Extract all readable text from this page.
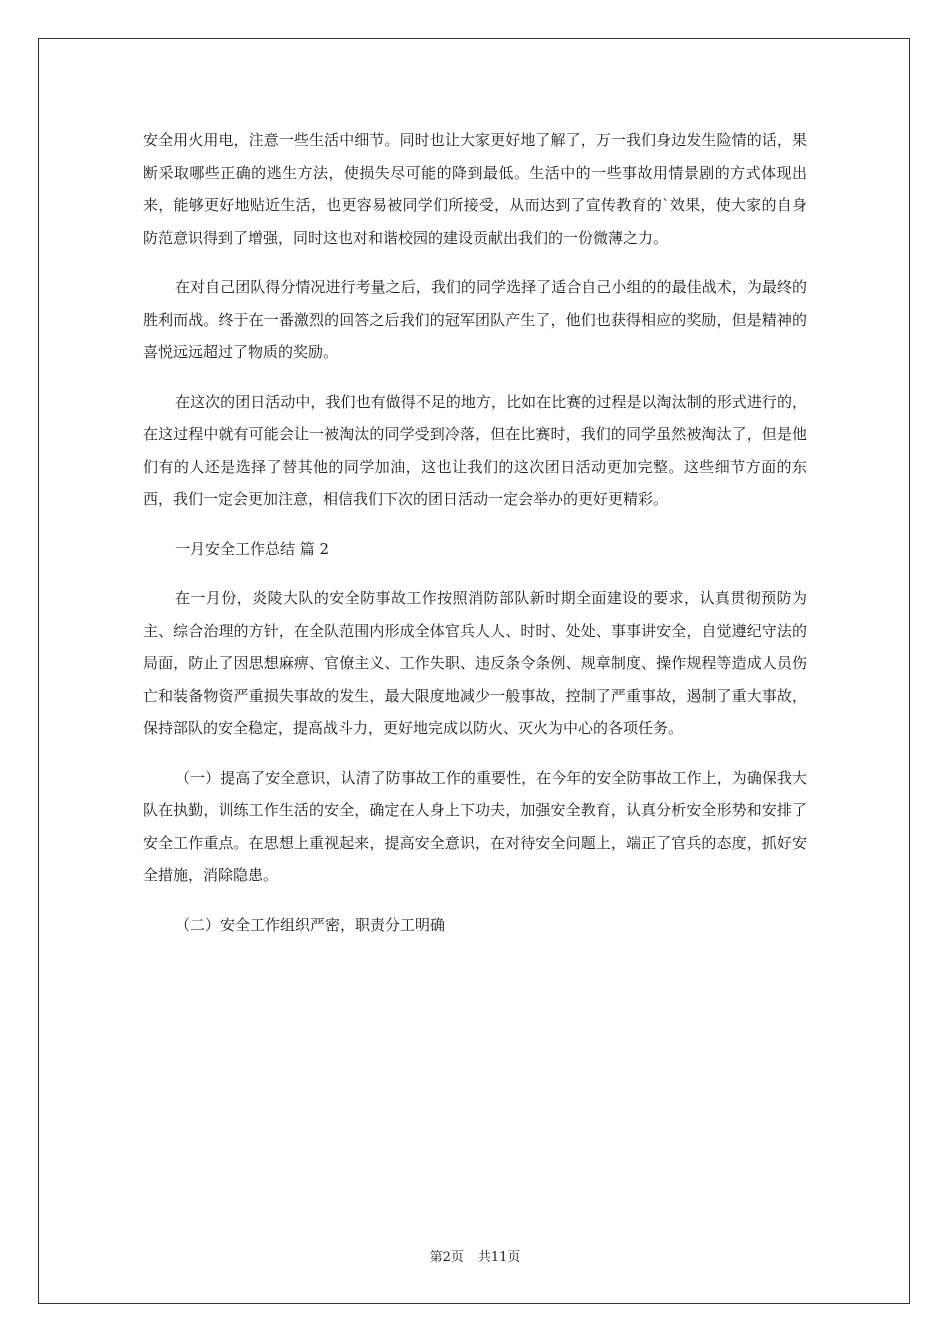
安全用火用电，注意一些生活中细节。同时也让大家更好地了解了，万一我们身边发生险情的话，果断采取哪些正确的逃生方法，使损失尽可能的降到最低。生活中的一些事故用情景剧的方式体现出来，能够更好地贴近生活，也更容易被同学们所接受，从而达到了宣传教育的`效果，使大家的自身防范意识得到了增强，同时这也对和谐校园的建设贡献出我们的一份微薄之力。

在对自己团队得分情况进行考量之后，我们的同学选择了适合自己小组的的最佳战术，为最终的胜利而战。终于在一番激烈的回答之后我们的冠军团队产生了，他们也获得相应的奖励，但是精神的喜悦远远超过了物质的奖励。

在这次的团日活动中，我们也有做得不足的地方，比如在比赛的过程是以淘汰制的形式进行的，在这过程中就有可能会让一被淘汰的同学受到冷落，但在比赛时，我们的同学虽然被淘汰了，但是他们有的人还是选择了替其他的同学加油，这也让我们的这次团日活动更加完整。这些细节方面的东西，我们一定会更加注意，相信我们下次的团日活动一定会举办的更好更精彩。

一月安全工作总结 篇 2

在一月份，炎陵大队的安全防事故工作按照消防部队新时期全面建设的要求，认真贯彻预防为主、综合治理的方针，在全队范围内形成全体官兵人人、时时、处处、事事讲安全，自觉遵纪守法的局面，防止了因思想麻痹、官僚主义、工作失职、违反条令条例、规章制度、操作规程等造成人员伤亡和装备物资严重损失事故的发生，最大限度地减少一般事故，控制了严重事故，遏制了重大事故，保持部队的安全稳定，提高战斗力，更好地完成以防火、灭火为中心的各项任务。

（一）提高了安全意识，认清了防事故工作的重要性，在今年的安全防事故工作上，为确保我大队在执勤，训练工作生活的安全，确定在人身上下功夫，加强安全教育，认真分析安全形势和安排了安全工作重点。在思想上重视起来，提高安全意识，在对待安全问题上，端正了官兵的态度，抓好安全措施，消除隐患。

（二）安全工作组织严密，职责分工明确

第2页 共11页
